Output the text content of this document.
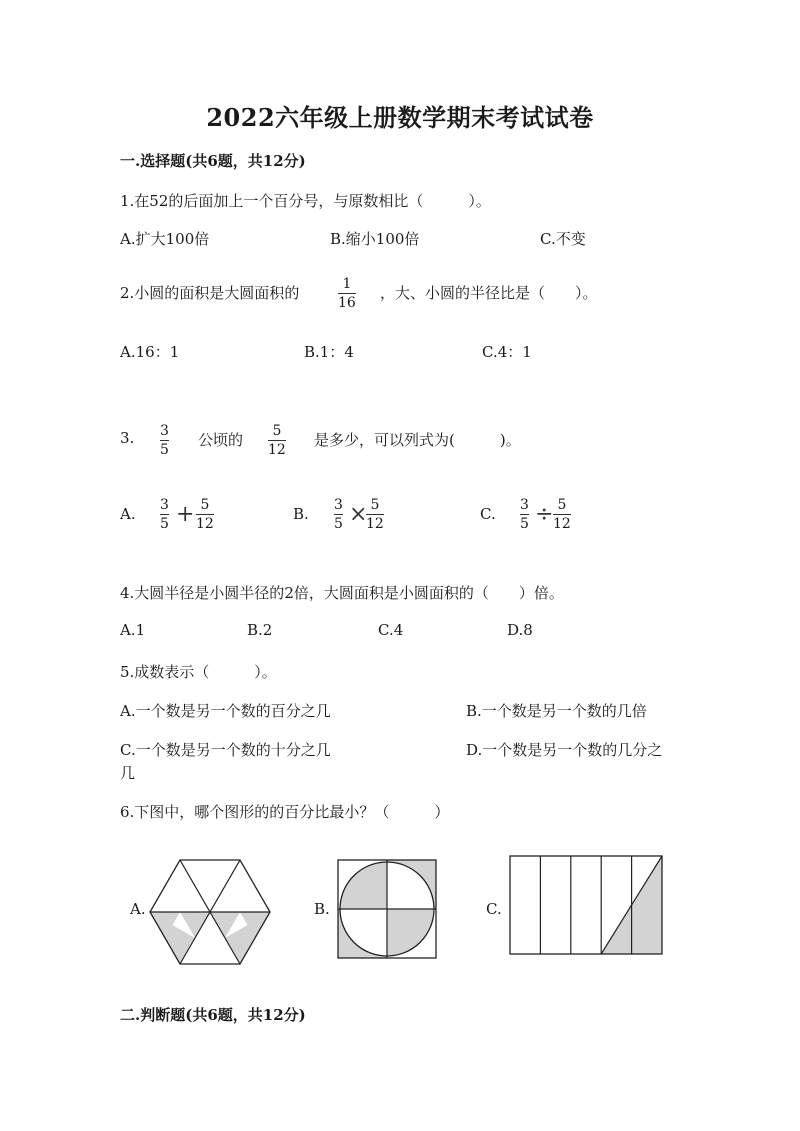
2022六年级上册数学期末考试试卷
一.选择题(共6题，共12分)
1.在52的后面加上一个百分号，与原数相比（　　　）。
A.扩大100倍	B.缩小100倍	C.不变
2.小圆的面积是大圆面积的	1
16
，大、小圆的半径比是（　　）。
A.16：1	B.1：4	C.4：1
3. 3
5
公顷的 5
12
是多少，可以列式为(　　　)。
A. 3
5 + 5
12
B. 3
5 × 5
12
C. 3
5 ÷ 5
12
4.大圆半径是小圆半径的2倍，大圆面积是小圆面积的（　　）倍。
A.1	B.2	C.4	D.8
5.成数表示（　　　）。
A.一个数是另一个数的百分之几	B.一个数是另一个数的几倍
C.一个数是另一个数的十分之几	D.一个数是另一个数的几分之
几
6.下图中，哪个图形的的百分比最小？（　　　）
A.	B.	C.
二.判断题(共6题，共12分)
